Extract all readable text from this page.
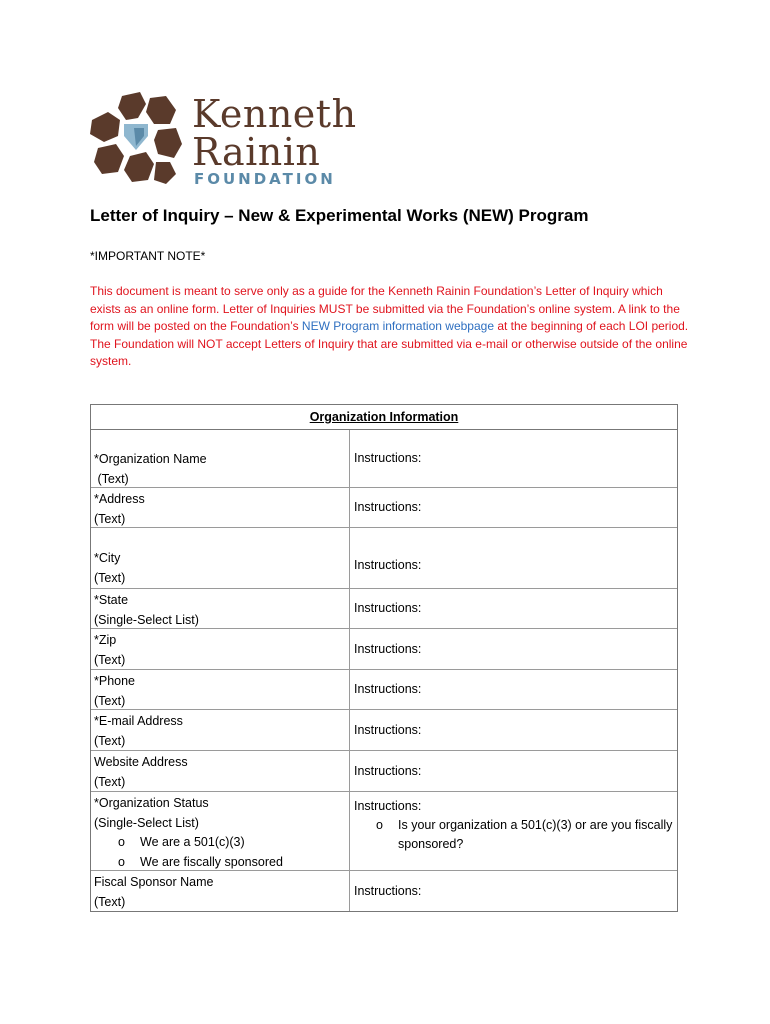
Kenneth
Rainin
FOUNDATION
Letter of Inquiry – New & Experimental Works (NEW) Program
*IMPORTANT NOTE*
This document is meant to serve only as a guide for the Kenneth Rainin Foundation’s Letter of Inquiry which exists as an online form. Letter of Inquiries MUST be submitted via the Foundation’s online system. A link to the form will be posted on the Foundation’s NEW Program information webpage at the beginning of each LOI period. The Foundation will NOT accept Letters of Inquiry that are submitted via e-mail or otherwise outside of the online system.
Organization Information
*Organization Name
(Text)
Instructions:
*Address
(Text)
Instructions:
*City
(Text)
Instructions:
*State
(Single-Select List)
Instructions:
*Zip
(Text)
Instructions:
*Phone
(Text)
Instructions:
*E-mail Address
(Text)
Instructions:
Website Address
(Text)
Instructions:
*Organization Status
(Single-Select List)
o We are a 501(c)(3)
o We are fiscally sponsored
Instructions:
o Is your organization a 501(c)(3) or are you fiscally sponsored?
Fiscal Sponsor Name
(Text)
Instructions:
